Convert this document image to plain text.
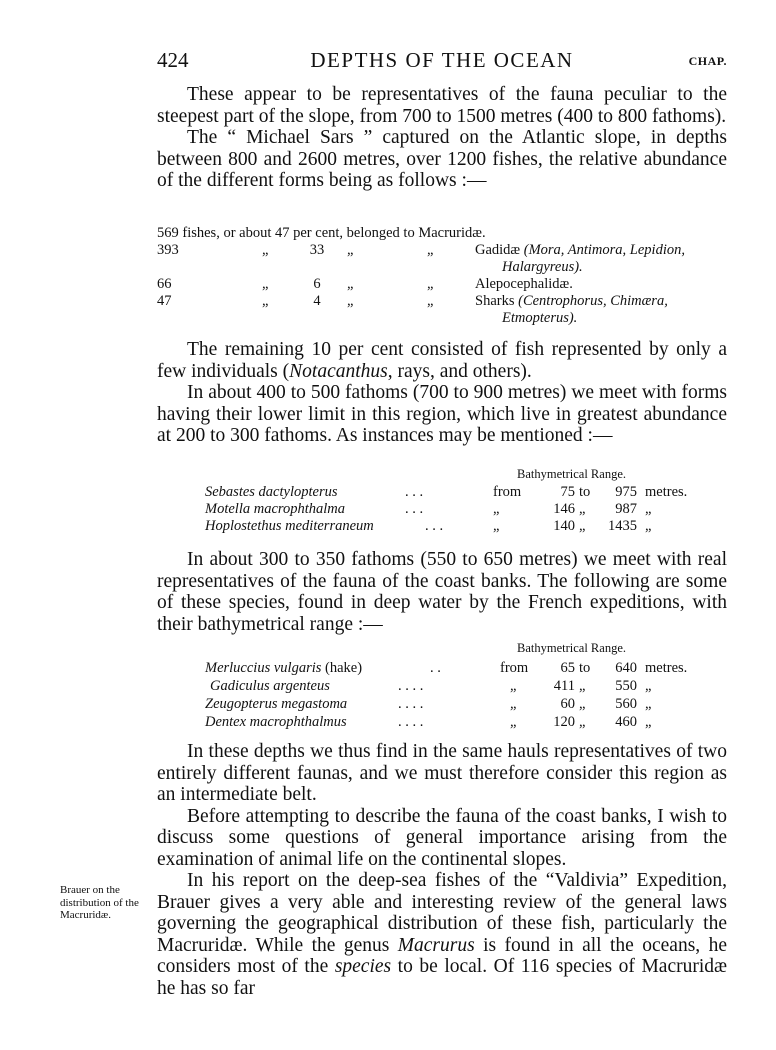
424	DEPTHS OF THE OCEAN	CHAP.

These appear to be representatives of the fauna peculiar to the steepest part of the slope, from 700 to 1500 metres (400 to 800 fathoms).

The “ Michael Sars ” captured on the Atlantic slope, in depths between 800 and 2600 metres, over 1200 fishes, the relative abundance of the different forms being as follows :—

569 fishes, or about 47 per cent, belonged to Macruridæ.
393	„	33	„	„	Gadidæ (Mora, Antimora, Lepidion,
Halargyreus).
66	„	6	„	„	Alepocephalidæ.
47	„	4	„	„	Sharks (Centrophorus, Chimæra,
Etmopterus).

The remaining 10 per cent consisted of fish represented by only a few individuals (Notacanthus, rays, and others).

In about 400 to 500 fathoms (700 to 900 metres) we meet with forms having their lower limit in this region, which live in greatest abundance at 200 to 300 fathoms. As instances may be mentioned :—

Bathymetrical Range.
Sebastes dactylopterus	. . .	from	75 to	975 metres.
Motella macrophthalma	. . .	„	146 „	987 „
Hoplostethus mediterraneum	. . .	„	140 „	1435 „

In about 300 to 350 fathoms (550 to 650 metres) we meet with real representatives of the fauna of the coast banks. The following are some of these species, found in deep water by the French expeditions, with their bathymetrical range :—

Bathymetrical Range.
Merluccius vulgaris (hake)	. .	from	65 to	640 metres.
Gadiculus argenteus	. . . .	„	411 „	550 „
Zeugopterus megastoma	. . . .	„	60 „	560 „
Dentex macrophthalmus	. . . .	„	120 „	460 „

In these depths we thus find in the same hauls representatives of two entirely different faunas, and we must therefore consider this region as an intermediate belt.

Before attempting to describe the fauna of the coast banks, I wish to discuss some questions of general importance arising from the examination of animal life on the continental slopes.

In his report on the deep-sea fishes of the “Valdivia” Expedition, Brauer gives a very able and interesting review of the general laws governing the geographical distribution of these fish, particularly the Macruridæ. While the genus Macrurus is found in all the oceans, he considers most of the species to be local. Of 116 species of Macruridæ he has so far

Brauer on the distribution of the Macruridæ.
